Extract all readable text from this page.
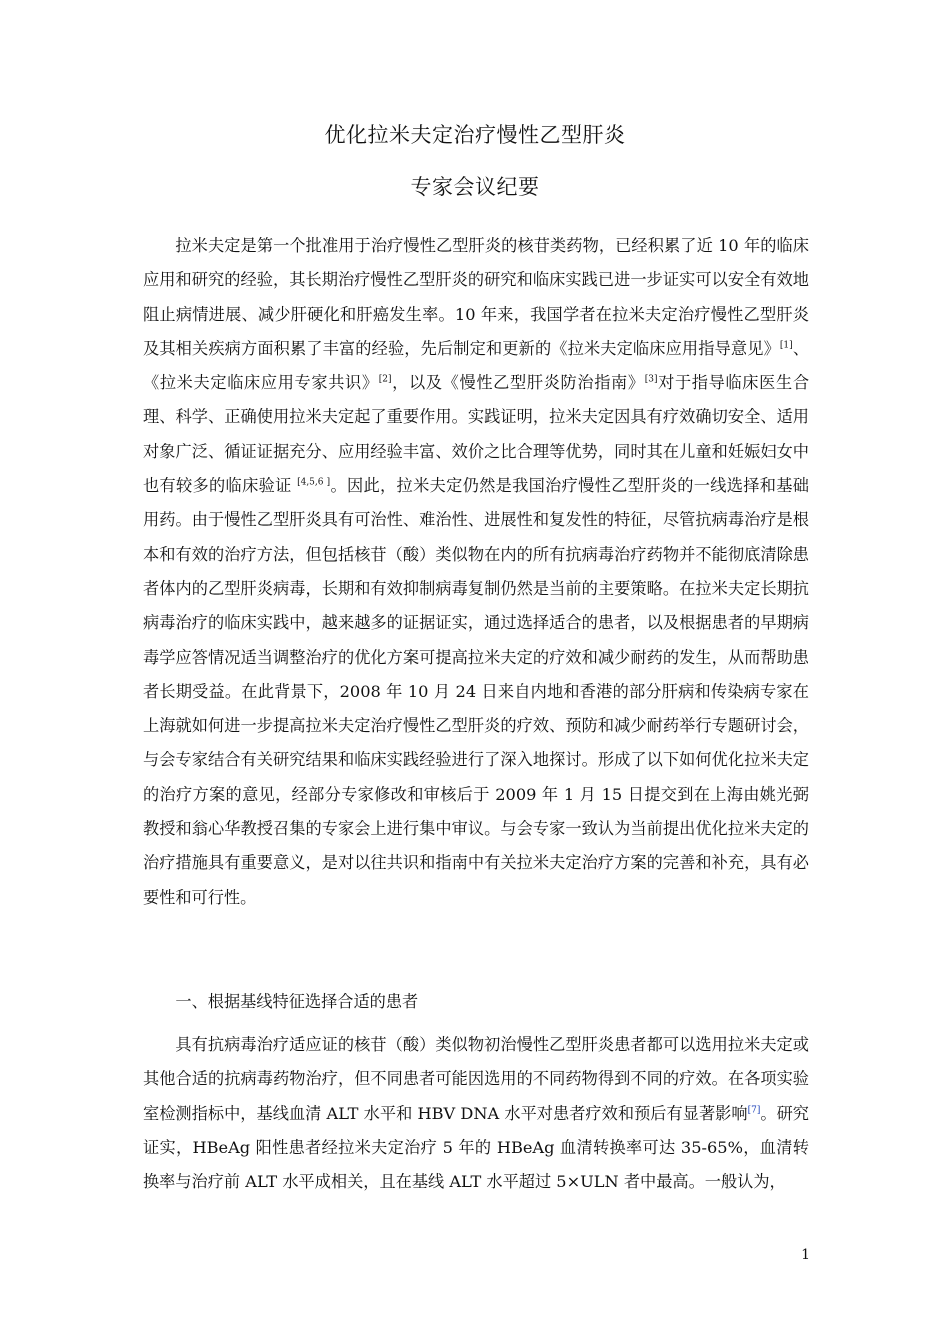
优化拉米夫定治疗慢性乙型肝炎
专家会议纪要
拉米夫定是第一个批准用于治疗慢性乙型肝炎的核苷类药物，已经积累了近 10 年的临床应用和研究的经验，其长期治疗慢性乙型肝炎的研究和临床实践已进一步证实可以安全有效地阻止病情进展、减少肝硬化和肝癌发生率。10 年来，我国学者在拉米夫定治疗慢性乙型肝炎及其相关疾病方面积累了丰富的经验，先后制定和更新的《拉米夫定临床应用指导意见》[1]、《拉米夫定临床应用专家共识》[2]，以及《慢性乙型肝炎防治指南》[3]对于指导临床医生合理、科学、正确使用拉米夫定起了重要作用。实践证明，拉米夫定因具有疗效确切安全、适用对象广泛、循证证据充分、应用经验丰富、效价之比合理等优势，同时其在儿童和妊娠妇女中也有较多的临床验证 [4,5,6 ]。因此，拉米夫定仍然是我国治疗慢性乙型肝炎的一线选择和基础用药。由于慢性乙型肝炎具有可治性、难治性、进展性和复发性的特征，尽管抗病毒治疗是根本和有效的治疗方法，但包括核苷（酸）类似物在内的所有抗病毒治疗药物并不能彻底清除患者体内的乙型肝炎病毒，长期和有效抑制病毒复制仍然是当前的主要策略。在拉米夫定长期抗病毒治疗的临床实践中，越来越多的证据证实，通过选择适合的患者，以及根据患者的早期病毒学应答情况适当调整治疗的优化方案可提高拉米夫定的疗效和减少耐药的发生，从而帮助患者长期受益。在此背景下，2008 年 10 月 24 日来自内地和香港的部分肝病和传染病专家在上海就如何进一步提高拉米夫定治疗慢性乙型肝炎的疗效、预防和减少耐药举行专题研讨会，与会专家结合有关研究结果和临床实践经验进行了深入地探讨。形成了以下如何优化拉米夫定的治疗方案的意见，经部分专家修改和审核后于 2009 年 1 月 15 日提交到在上海由姚光弼教授和翁心华教授召集的专家会上进行集中审议。与会专家一致认为当前提出优化拉米夫定的治疗措施具有重要意义，是对以往共识和指南中有关拉米夫定治疗方案的完善和补充，具有必要性和可行性。
一、根据基线特征选择合适的患者
具有抗病毒治疗适应证的核苷（酸）类似物初治慢性乙型肝炎患者都可以选用拉米夫定或其他合适的抗病毒药物治疗，但不同患者可能因选用的不同药物得到不同的疗效。在各项实验室检测指标中，基线血清 ALT 水平和 HBV DNA 水平对患者疗效和预后有显著影响[7]。研究证实，HBeAg 阳性患者经拉米夫定治疗 5 年的 HBeAg 血清转换率可达 35-65%，血清转换率与治疗前 ALT 水平成相关，且在基线 ALT 水平超过 5×ULN 者中最高。一般认为，
1
